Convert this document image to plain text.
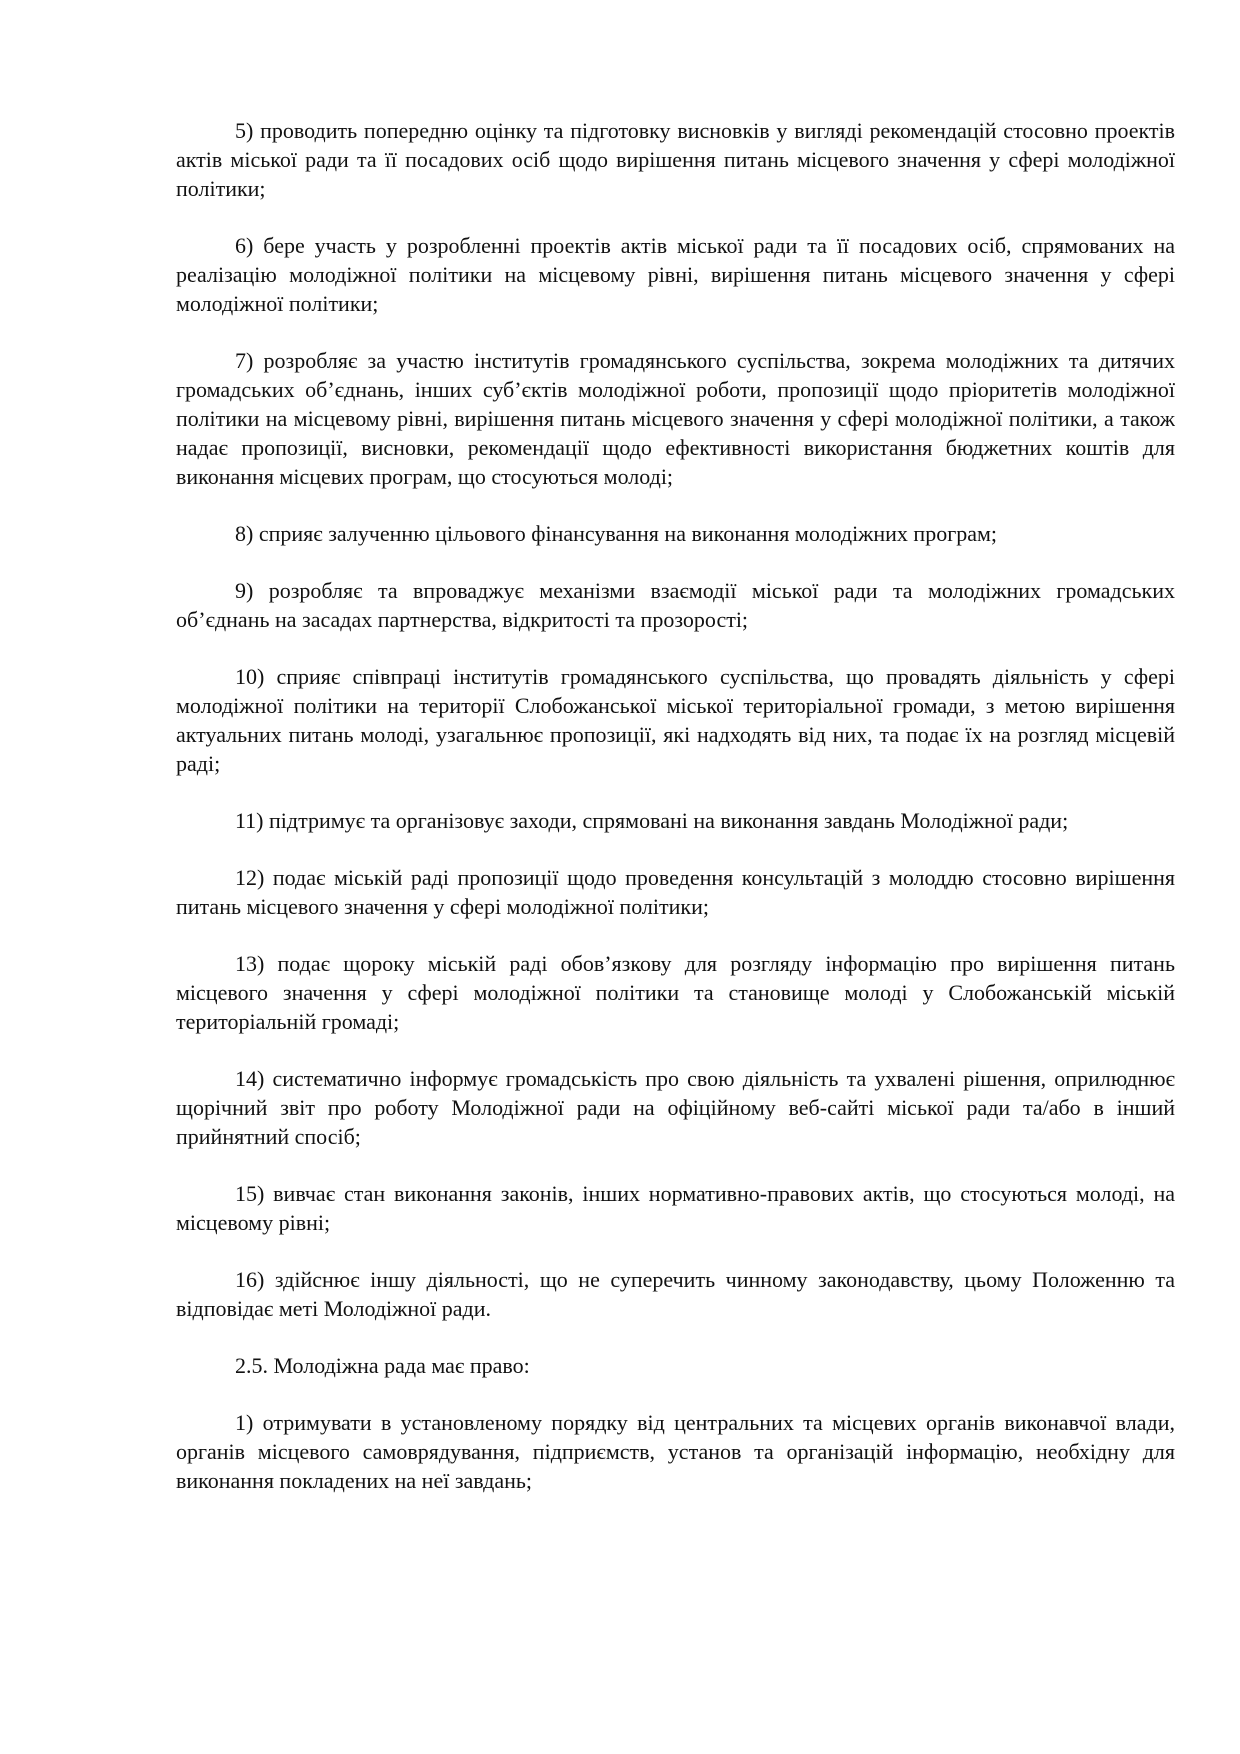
5) проводить попередню оцінку та підготовку висновків у вигляді рекомендацій стосовно проектів актів міської ради та її посадових осіб щодо вирішення питань місцевого значення у сфері молодіжної політики;

6) бере участь у розробленні проектів актів міської ради та її посадових осіб, спрямованих на реалізацію молодіжної політики на місцевому рівні, вирішення питань місцевого значення у сфері молодіжної політики;

7) розробляє за участю інститутів громадянського суспільства, зокрема молодіжних та дитячих громадських об’єднань, інших суб’єктів молодіжної роботи, пропозиції щодо пріоритетів молодіжної політики на місцевому рівні, вирішення питань місцевого значення у сфері молодіжної політики, а також надає пропозиції, висновки, рекомендації щодо ефективності використання бюджетних коштів для виконання місцевих програм, що стосуються молоді;

8) сприяє залученню цільового фінансування на виконання молодіжних програм;

9) розробляє та впроваджує механізми взаємодії міської ради та молодіжних громадських об’єднань на засадах партнерства, відкритості та прозорості;

10) сприяє співпраці інститутів громадянського суспільства, що провадять діяльність у сфері молодіжної політики на території Слобожанської міської територіальної громади, з метою вирішення актуальних питань молоді, узагальнює пропозиції, які надходять від них, та подає їх на розгляд місцевій раді;

11) підтримує та організовує заходи, спрямовані на виконання завдань Молодіжної ради;

12) подає міській раді пропозиції щодо проведення консультацій з молоддю стосовно вирішення питань місцевого значення у сфері молодіжної політики;

13) подає щороку міській раді обов’язкову для розгляду інформацію про вирішення питань місцевого значення у сфері молодіжної політики та становище молоді у Слобожанській міській територіальній громаді;

14) систематично інформує громадськість про свою діяльність та ухвалені рішення, оприлюднює щорічний звіт про роботу Молодіжної ради на офіційному веб-сайті міської ради та/або в інший прийнятний спосіб;

15) вивчає стан виконання законів, інших нормативно-правових актів, що стосуються молоді, на місцевому рівні;

16) здійснює іншу діяльності, що не суперечить чинному законодавству, цьому Положенню та відповідає меті Молодіжної ради.

2.5. Молодіжна рада має право:

1) отримувати в установленому порядку від центральних та місцевих органів виконавчої влади, органів місцевого самоврядування, підприємств, установ та організацій інформацію, необхідну для виконання покладених на неї завдань;
